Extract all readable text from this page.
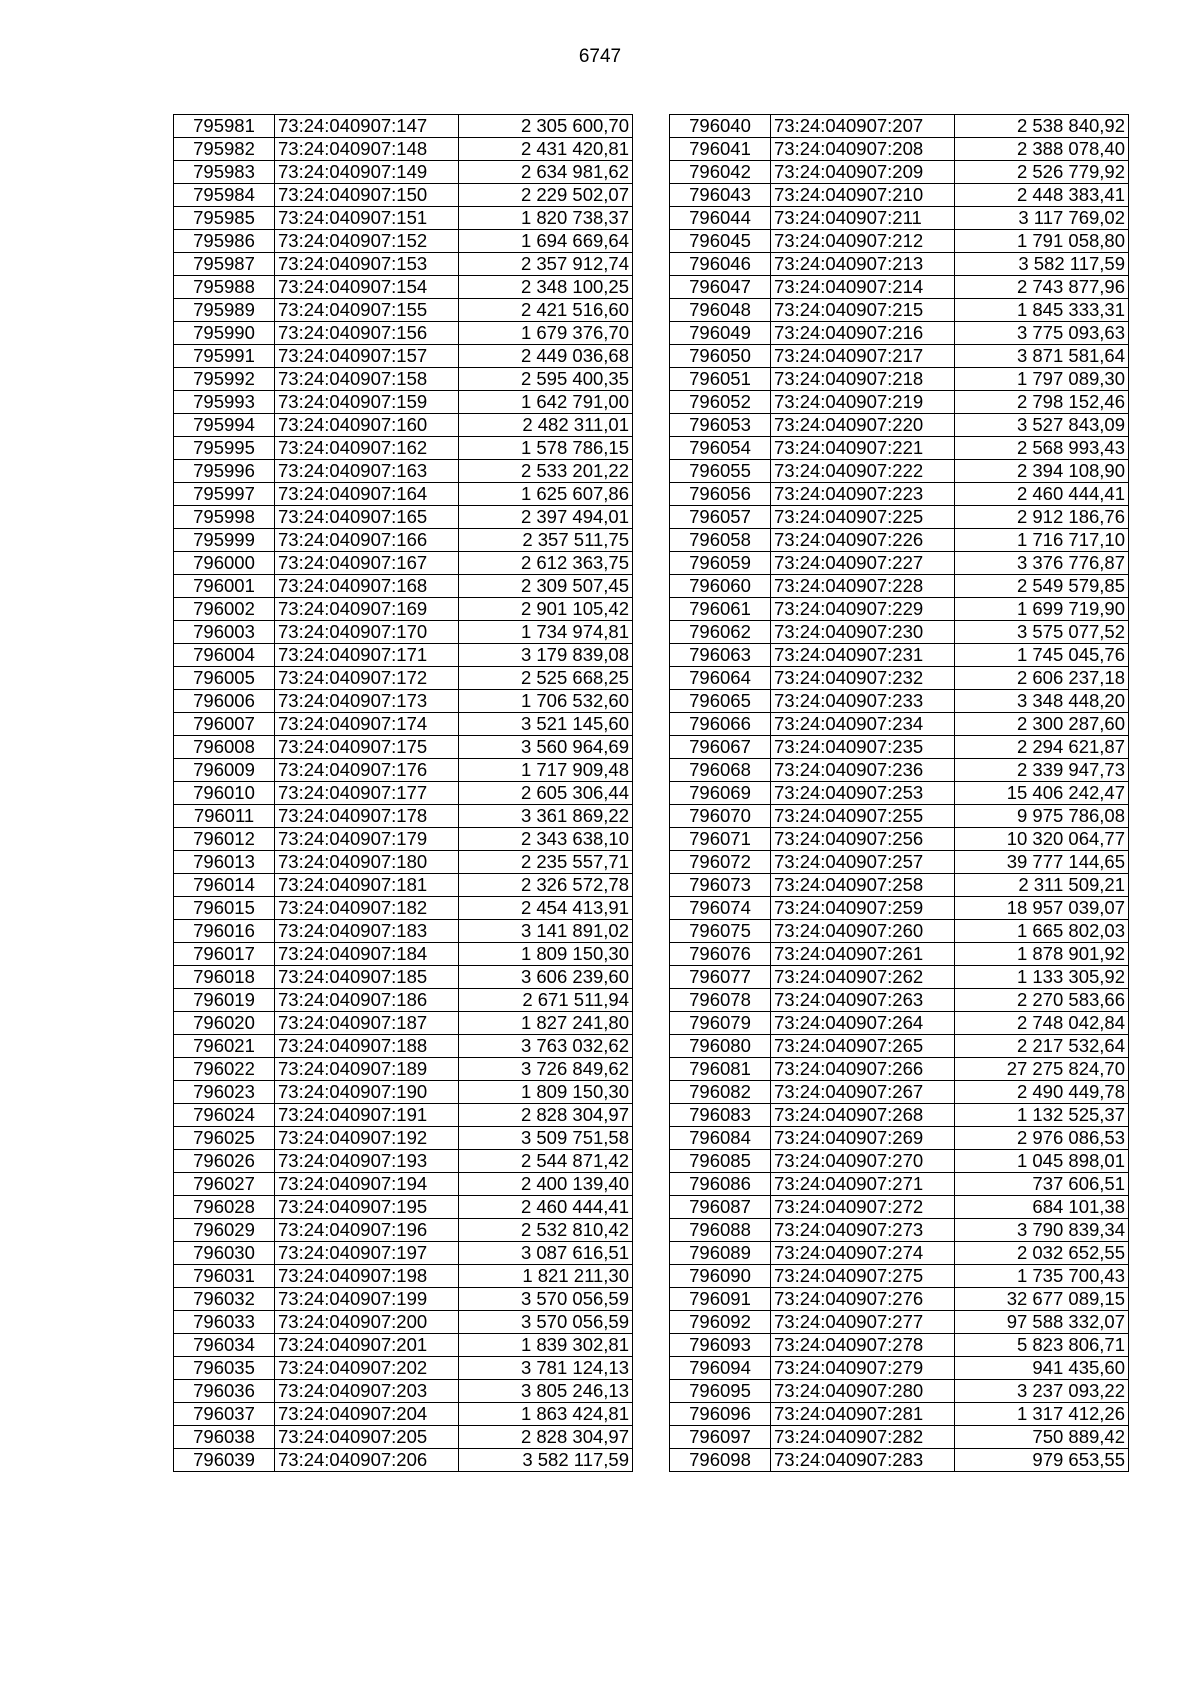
6747
795981	73:24:040907:147	2 305 600,70
795982	73:24:040907:148	2 431 420,81
795983	73:24:040907:149	2 634 981,62
795984	73:24:040907:150	2 229 502,07
795985	73:24:040907:151	1 820 738,37
795986	73:24:040907:152	1 694 669,64
795987	73:24:040907:153	2 357 912,74
795988	73:24:040907:154	2 348 100,25
795989	73:24:040907:155	2 421 516,60
795990	73:24:040907:156	1 679 376,70
795991	73:24:040907:157	2 449 036,68
795992	73:24:040907:158	2 595 400,35
795993	73:24:040907:159	1 642 791,00
795994	73:24:040907:160	2 482 311,01
795995	73:24:040907:162	1 578 786,15
795996	73:24:040907:163	2 533 201,22
795997	73:24:040907:164	1 625 607,86
795998	73:24:040907:165	2 397 494,01
795999	73:24:040907:166	2 357 511,75
796000	73:24:040907:167	2 612 363,75
796001	73:24:040907:168	2 309 507,45
796002	73:24:040907:169	2 901 105,42
796003	73:24:040907:170	1 734 974,81
796004	73:24:040907:171	3 179 839,08
796005	73:24:040907:172	2 525 668,25
796006	73:24:040907:173	1 706 532,60
796007	73:24:040907:174	3 521 145,60
796008	73:24:040907:175	3 560 964,69
796009	73:24:040907:176	1 717 909,48
796010	73:24:040907:177	2 605 306,44
796011	73:24:040907:178	3 361 869,22
796012	73:24:040907:179	2 343 638,10
796013	73:24:040907:180	2 235 557,71
796014	73:24:040907:181	2 326 572,78
796015	73:24:040907:182	2 454 413,91
796016	73:24:040907:183	3 141 891,02
796017	73:24:040907:184	1 809 150,30
796018	73:24:040907:185	3 606 239,60
796019	73:24:040907:186	2 671 511,94
796020	73:24:040907:187	1 827 241,80
796021	73:24:040907:188	3 763 032,62
796022	73:24:040907:189	3 726 849,62
796023	73:24:040907:190	1 809 150,30
796024	73:24:040907:191	2 828 304,97
796025	73:24:040907:192	3 509 751,58
796026	73:24:040907:193	2 544 871,42
796027	73:24:040907:194	2 400 139,40
796028	73:24:040907:195	2 460 444,41
796029	73:24:040907:196	2 532 810,42
796030	73:24:040907:197	3 087 616,51
796031	73:24:040907:198	1 821 211,30
796032	73:24:040907:199	3 570 056,59
796033	73:24:040907:200	3 570 056,59
796034	73:24:040907:201	1 839 302,81
796035	73:24:040907:202	3 781 124,13
796036	73:24:040907:203	3 805 246,13
796037	73:24:040907:204	1 863 424,81
796038	73:24:040907:205	2 828 304,97
796039	73:24:040907:206	3 582 117,59
796040	73:24:040907:207	2 538 840,92
796041	73:24:040907:208	2 388 078,40
796042	73:24:040907:209	2 526 779,92
796043	73:24:040907:210	2 448 383,41
796044	73:24:040907:211	3 117 769,02
796045	73:24:040907:212	1 791 058,80
796046	73:24:040907:213	3 582 117,59
796047	73:24:040907:214	2 743 877,96
796048	73:24:040907:215	1 845 333,31
796049	73:24:040907:216	3 775 093,63
796050	73:24:040907:217	3 871 581,64
796051	73:24:040907:218	1 797 089,30
796052	73:24:040907:219	2 798 152,46
796053	73:24:040907:220	3 527 843,09
796054	73:24:040907:221	2 568 993,43
796055	73:24:040907:222	2 394 108,90
796056	73:24:040907:223	2 460 444,41
796057	73:24:040907:225	2 912 186,76
796058	73:24:040907:226	1 716 717,10
796059	73:24:040907:227	3 376 776,87
796060	73:24:040907:228	2 549 579,85
796061	73:24:040907:229	1 699 719,90
796062	73:24:040907:230	3 575 077,52
796063	73:24:040907:231	1 745 045,76
796064	73:24:040907:232	2 606 237,18
796065	73:24:040907:233	3 348 448,20
796066	73:24:040907:234	2 300 287,60
796067	73:24:040907:235	2 294 621,87
796068	73:24:040907:236	2 339 947,73
796069	73:24:040907:253	15 406 242,47
796070	73:24:040907:255	9 975 786,08
796071	73:24:040907:256	10 320 064,77
796072	73:24:040907:257	39 777 144,65
796073	73:24:040907:258	2 311 509,21
796074	73:24:040907:259	18 957 039,07
796075	73:24:040907:260	1 665 802,03
796076	73:24:040907:261	1 878 901,92
796077	73:24:040907:262	1 133 305,92
796078	73:24:040907:263	2 270 583,66
796079	73:24:040907:264	2 748 042,84
796080	73:24:040907:265	2 217 532,64
796081	73:24:040907:266	27 275 824,70
796082	73:24:040907:267	2 490 449,78
796083	73:24:040907:268	1 132 525,37
796084	73:24:040907:269	2 976 086,53
796085	73:24:040907:270	1 045 898,01
796086	73:24:040907:271	737 606,51
796087	73:24:040907:272	684 101,38
796088	73:24:040907:273	3 790 839,34
796089	73:24:040907:274	2 032 652,55
796090	73:24:040907:275	1 735 700,43
796091	73:24:040907:276	32 677 089,15
796092	73:24:040907:277	97 588 332,07
796093	73:24:040907:278	5 823 806,71
796094	73:24:040907:279	941 435,60
796095	73:24:040907:280	3 237 093,22
796096	73:24:040907:281	1 317 412,26
796097	73:24:040907:282	750 889,42
796098	73:24:040907:283	979 653,55
